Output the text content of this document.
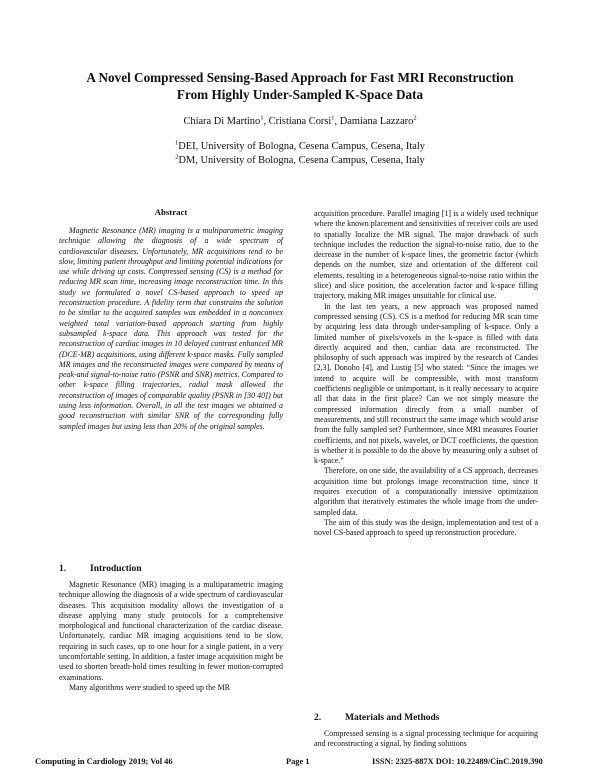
A Novel Compressed Sensing-Based Approach for Fast MRI Reconstruction
From Highly Under-Sampled K-Space Data
Chiara Di Martino$^1$, Cristiana Corsi$^1$, Damiana Lazzaro$^2$
$^1$DEI, University of Bologna, Cesena Campus, Cesena, Italy
$^2$DM, University of Bologna, Cesena Campus, Cesena, Italy
Abstract

Magnetic Resonance (MR) imaging is a multiparametric imaging technique allowing the diagnosis of a wide spectrum of cardiovascular diseases. Unfortunately, MR acquisitions tend to be slow, limiting patient throughput and limiting potential indications for use while driving up costs. Compressed sensing (CS) is a method for reducing MR scan time, increasing image reconstruction time. In this study we formulated a novel CS-based approach to speed up reconstruction procedure. A fidelity term that constrains the solution to be similar to the acquired samples was embedded in a nonconvex weighted total variation-based approach starting from highly subsampled k-space data. This approach was tested for the reconstruction of cardiac images in 10 delayed contrast enhanced MR (DCE-MR) acquisitions, using different k-space masks. Fully sampled MR images and the reconstructed images were compared by means of peak-and signal-to-noise ratio (PSNR and SNR) metrics. Compared to other k-space filling trajectories, radial mask allowed the reconstruction of images of comparable quality (PSNR in [30 40]) but using less information. Overall, in all the test images we obtained a good reconstruction with similar SNR of the corresponding fully sampled images but using less than 20% of the original samples.

1.	Introduction

Magnetic Resonance (MR) imaging is a multiparametric imaging technique allowing the diagnosis of a wide spectrum of cardiovascular diseases. This acquisition modality allows the investigation of a disease applying many study protocols for a comprehensive morphological and functional characterization of the cardiac disease. Unfortunately, cardiac MR imaging acquisitions tend to be slow, requiring in such cases, up to one hour for a single patient, in a very uncomfortable setting. In addition, a faster image acquisition might be used to shorten breath-hold times resulting in fewer motion-corrupted examinations.

Many algorithms were studied to speed up the MR

acquisition procedure. Parallel imaging [1] is a widely used technique where the known placement and sensitivities of receiver coils are used to spatially localize the MR signal. The major drawback of such technique includes the reduction the signal-to-noise ratio, due to the decrease in the number of k-space lines, the geometric factor (which depends on the number, size and orientation of the different coil elements, resulting in a heterogeneous signal-to-noise ratio within the slice) and slice position, the acceleration factor and k-space filling trajectory, making MR images unsuitable for clinical use.

In the last ten years, a new approach was proposed named compressed sensing (CS). CS is a method for reducing MR scan time by acquiring less data through under-sampling of k-space. Only a limited number of pixels/voxels in the k-space is filled with data directly acquired and then, cardiac data are reconstructed. The philosophy of such approach was inspired by the research of Candes [2,3], Donoho [4], and Lustig [5] who stated: “Since the images we intend to acquire will be compressible, with most transform coefficients negligible or unimportant, is it really necessary to acquire all that data in the first place? Can we not simply measure the compressed information directly from a small number of measurements, and still reconstruct the same image which would arise from the fully sampled set? Furthermore, since MRI measures Fourier coefficients, and not pixels, wavelet, or DCT coefficients, the question is whether it is possible to do the above by measuring only a subset of k-space.”

Therefore, on one side, the availability of a CS approach, decreases acquisition time but prolongs image reconstruction time, since it requires execution of a computationally intensive optimization algorithm that iteratively estimates the whole image from the under-sampled data.

The aim of this study was the design, implementation and test of a novel CS-based approach to speed up reconstruction procedure.

2.	Materials and Methods

Compressed sensing is a signal processing technique for acquiring and reconstructing a signal, by finding solutions

Computing in Cardiology 2019; Vol 46	Page 1	ISSN: 2325-887X DOI: 10.22489/CinC.2019.390
